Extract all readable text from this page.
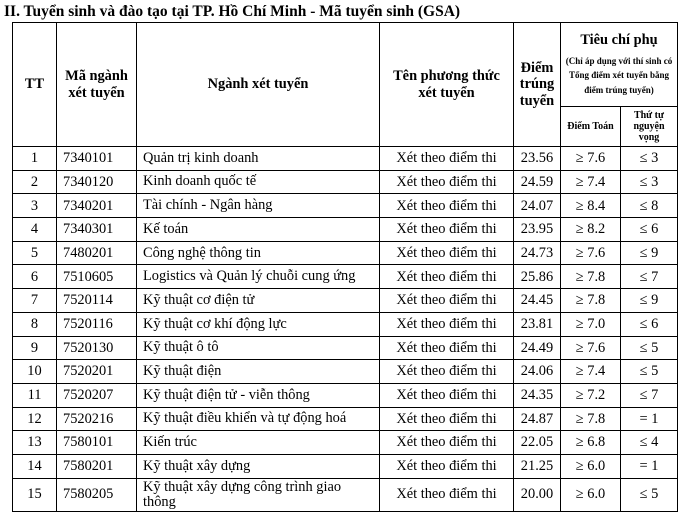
II. Tuyển sinh và đào tạo tại TP. Hồ Chí Minh - Mã tuyển sinh (GSA)
TT	Mã ngành xét tuyển	Ngành xét tuyển	Tên phương thức xét tuyển	Điểm trúng tuyển	Tiêu chí phụ
(Chỉ áp dụng với thí sinh có Tổng điểm xét tuyển bằng điểm trúng tuyển)	
					Điểm Toán	Thứ tự nguyện vọng
1	7340101	Quản trị kinh doanh	Xét theo điểm thi	23.56	≥ 7.6	≤ 3
2	7340120	Kinh doanh quốc tế	Xét theo điểm thi	24.59	≥ 7.4	≤ 3
3	7340201	Tài chính - Ngân hàng	Xét theo điểm thi	24.07	≥ 8.4	≤ 8
4	7340301	Kế toán	Xét theo điểm thi	23.95	≥ 8.2	≤ 6
5	7480201	Công nghệ thông tin	Xét theo điểm thi	24.73	≥ 7.6	≤ 9
6	7510605	Logistics và Quản lý chuỗi cung ứng	Xét theo điểm thi	25.86	≥ 7.8	≤ 7
7	7520114	Kỹ thuật cơ điện tử	Xét theo điểm thi	24.45	≥ 7.8	≤ 9
8	7520116	Kỹ thuật cơ khí động lực	Xét theo điểm thi	23.81	≥ 7.0	≤ 6
9	7520130	Kỹ thuật ô tô	Xét theo điểm thi	24.49	≥ 7.6	≤ 5
10	7520201	Kỹ thuật điện	Xét theo điểm thi	24.06	≥ 7.4	≤ 5
11	7520207	Kỹ thuật điện tử - viễn thông	Xét theo điểm thi	24.35	≥ 7.2	≤ 7
12	7520216	Kỹ thuật điều khiển và tự động hoá	Xét theo điểm thi	24.87	≥ 7.8	= 1
13	7580101	Kiến trúc	Xét theo điểm thi	22.05	≥ 6.8	≤ 4
14	7580201	Kỹ thuật xây dựng	Xét theo điểm thi	21.25	≥ 6.0	= 1
15	7580205	Kỹ thuật xây dựng công trình giao thông	Xét theo điểm thi	20.00	≥ 6.0	≤ 5
